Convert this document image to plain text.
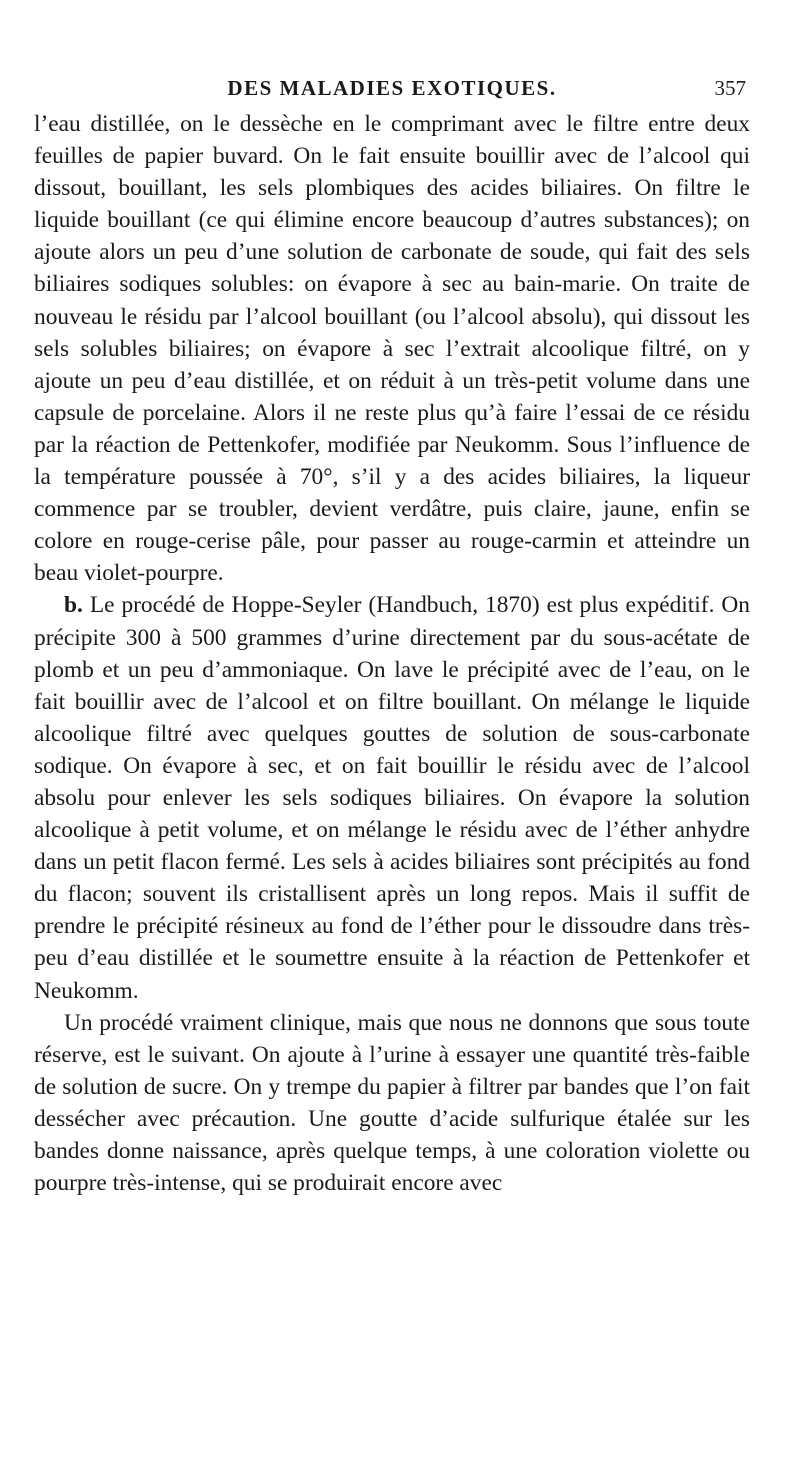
DES MALADIES EXOTIQUES.	357

l’eau distillée, on le dessèche en le comprimant avec le filtre entre deux feuilles de papier buvard. On le fait ensuite bouillir avec de l’alcool qui dissout, bouillant, les sels plombiques des acides biliaires. On filtre le liquide bouillant (ce qui élimine encore beaucoup d’autres substances); on ajoute alors un peu d’une solution de carbonate de soude, qui fait des sels biliaires sodiques solubles: on évapore à sec au bain-marie. On traite de nouveau le résidu par l’alcool bouillant (ou l’alcool absolu), qui dissout les sels solubles biliaires; on évapore à sec l’extrait alcoolique filtré, on y ajoute un peu d’eau distillée, et on réduit à un très-petit volume dans une capsule de porcelaine. Alors il ne reste plus qu’à faire l’essai de ce résidu par la réaction de Pettenkofer, modifiée par Neukomm. Sous l’influence de la température poussée à 70°, s’il y a des acides biliaires, la liqueur commence par se troubler, devient verdâtre, puis claire, jaune, enfin se colore en rouge-cerise pâle, pour passer au rouge-carmin et atteindre un beau violet-pourpre.

b. Le procédé de Hoppe-Seyler (Handbuch, 1870) est plus expéditif. On précipite 300 à 500 grammes d’urine directement par du sous-acétate de plomb et un peu d’ammoniaque. On lave le précipité avec de l’eau, on le fait bouillir avec de l’alcool et on filtre bouillant. On mélange le liquide alcoolique filtré avec quelques gouttes de solution de sous-carbonate sodique. On évapore à sec, et on fait bouillir le résidu avec de l’alcool absolu pour enlever les sels sodiques biliaires. On évapore la solution alcoolique à petit volume, et on mélange le résidu avec de l’éther anhydre dans un petit flacon fermé. Les sels à acides biliaires sont précipités au fond du flacon; souvent ils cristallisent après un long repos. Mais il suffit de prendre le précipité résineux au fond de l’éther pour le dissoudre dans très-peu d’eau distillée et le soumettre ensuite à la réaction de Pettenkofer et Neukomm.

Un procédé vraiment clinique, mais que nous ne donnons que sous toute réserve, est le suivant. On ajoute à l’urine à essayer une quantité très-faible de solution de sucre. On y trempe du papier à filtrer par bandes que l’on fait dessécher avec précaution. Une goutte d’acide sulfurique étalée sur les bandes donne naissance, après quelque temps, à une coloration violette ou pourpre très-intense, qui se produirait encore avec
